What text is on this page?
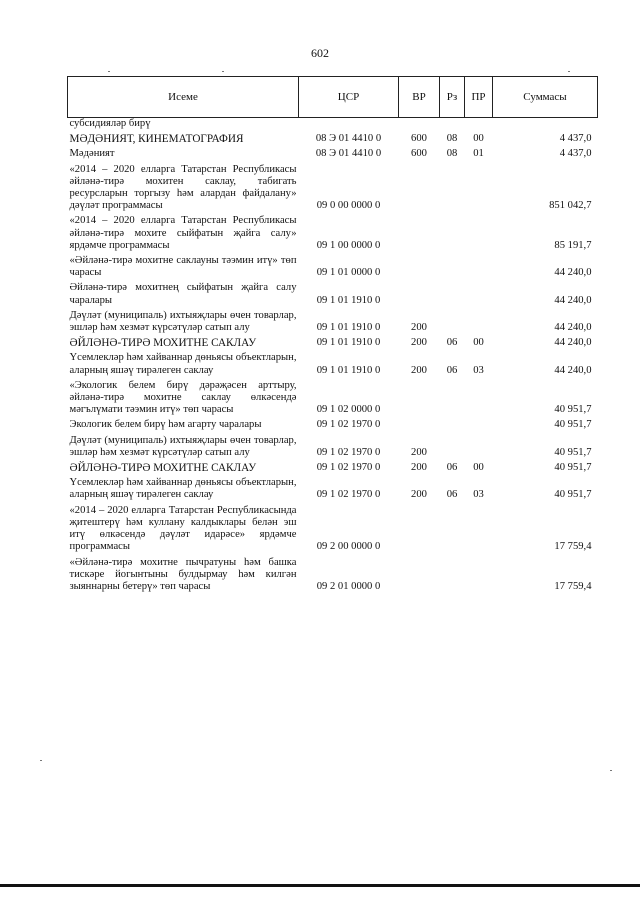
602
Исеме	ЦСР	ВР	Рз	ПР	Суммасы
субсидияләр бирү					
МӘДӘНИЯТ, КИНЕМАТОГРАФИЯ	08 Э 01 4410 0	600	08	00	4 437,0
Мәдәният	08 Э 01 4410 0	600	08	01	4 437,0
«2014 – 2020 елларга Татарстан Республикасы әйләнә-тирә мохитен саклау, табигать ресурсларын торгызу һәм алардан файдалану» дәүләт программасы	09 0 00 0000 0				851 042,7
«2014 – 2020 елларга Татарстан Республикасы әйләнә-тирә мохите сыйфатын җайга салу» ярдәмче программасы	09 1 00 0000 0				85 191,7
«Әйләнә-тирә мохитне саклауны тәэмин итү» төп чарасы	09 1 01 0000 0				44 240,0
Әйләнә-тирә мохитнең сыйфатын җайга салу чаралары	09 1 01 1910 0				44 240,0
Дәүләт (муниципаль) ихтыяҗлары өчен товарлар, эшләр һәм хезмәт күрсәтүләр сатып алу	09 1 01 1910 0	200			44 240,0
ӘЙЛӘНӘ-ТИРӘ МОХИТНЕ САКЛАУ	09 1 01 1910 0	200	06	00	44 240,0
Үсемлекләр һәм хайваннар дөньясы объектларын, аларның яшәү тирәлеген саклау	09 1 01 1910 0	200	06	03	44 240,0
«Экологик белем бирү дәрәҗәсен арттыру, әйләнә-тирә мохитне саклау өлкәсендә мәгълүмати тәэмин итү» төп чарасы	09 1 02 0000 0				40 951,7
Экологик белем бирү һәм агарту чаралары	09 1 02 1970 0				40 951,7
Дәүләт (муниципаль) ихтыяҗлары өчен товарлар, эшләр һәм хезмәт күрсәтүләр сатып алу	09 1 02 1970 0	200			40 951,7
ӘЙЛӘНӘ-ТИРӘ МОХИТНЕ САКЛАУ	09 1 02 1970 0	200	06	00	40 951,7
Үсемлекләр һәм хайваннар дөньясы объектларын, аларның яшәү тирәлеген саклау	09 1 02 1970 0	200	06	03	40 951,7
«2014 – 2020 елларга Татарстан Республикасында җитештерү һәм куллану калдыклары белән эш итү өлкәсендә дәүләт идарәсе» ярдәмче программасы	09 2 00 0000 0				17 759,4
«Әйләнә-тирә мохитне пычратуны һәм башка тискәре йогынтыны булдырмау һәм килгән зыяннарны бетерү» төп чарасы	09 2 01 0000 0				17 759,4
